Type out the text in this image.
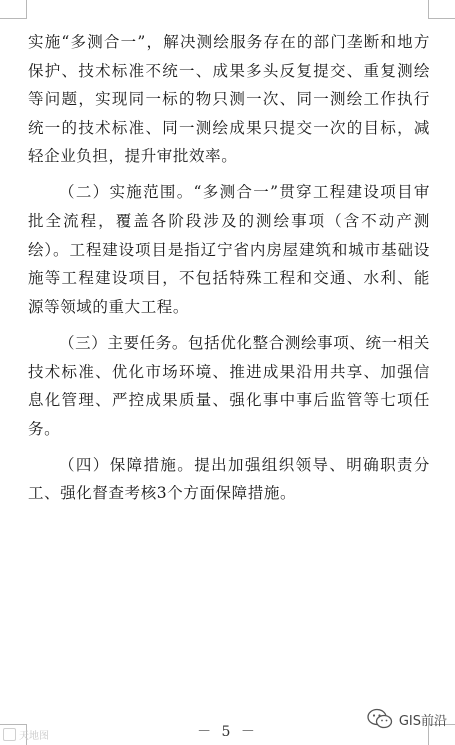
实施“多测合一”，解决测绘服务存在的部门垄断和地方保护、技术标准不统一、成果多头反复提交、重复测绘等问题，实现同一标的物只测一次、同一测绘工作执行统一的技术标准、同一测绘成果只提交一次的目标，减轻企业负担，提升审批效率。

（二）实施范围。“多测合一”贯穿工程建设项目审批全流程，覆盖各阶段涉及的测绘事项（含不动产测绘）。工程建设项目是指辽宁省内房屋建筑和城市基础设施等工程建设项目，不包括特殊工程和交通、水利、能源等领域的重大工程。

（三）主要任务。包括优化整合测绘事项、统一相关技术标准、优化市场环境、推进成果沿用共享、加强信息化管理、严控成果质量、强化事中事后监管等七项任务。

（四）保障措施。提出加强组织领导、明确职责分工、强化督查考核3个方面保障措施。

－ 5 －
天地图
GIS前沿
